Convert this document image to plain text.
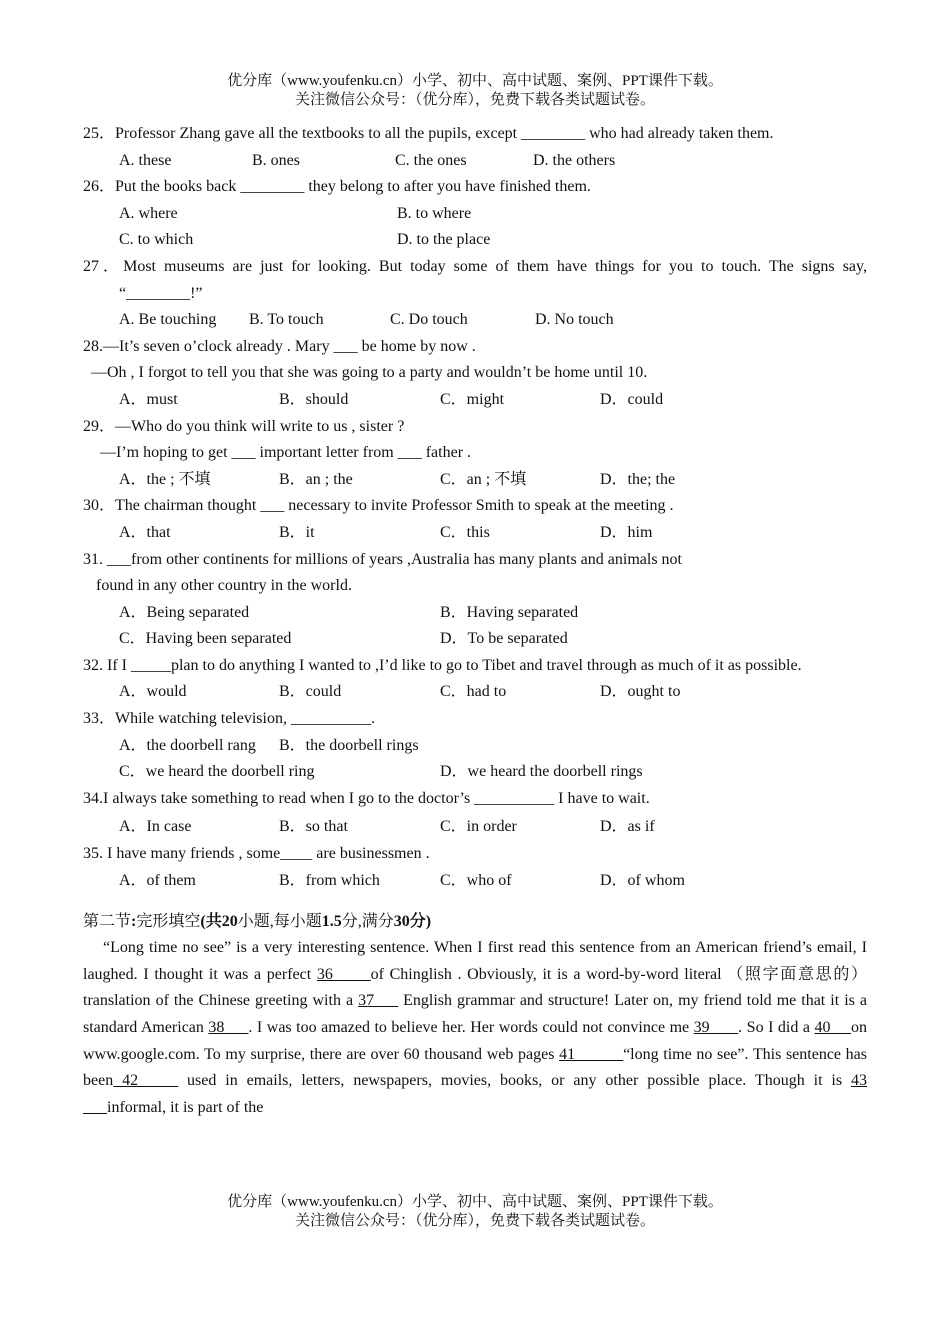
优分库（www.youfenku.cn）小学、初中、高中试题、案例、PPT课件下载。
关注微信公众号：（优分库），免费下载各类试题试卷。
25．Professor Zhang gave all the textbooks to all the pupils, except ________ who had already taken them.
A. these	B. ones	C. the ones	D. the others
26．Put the books back ________ they belong to after you have finished them.
A. where	B. to where
C. to which	D. to the place
27．Most museums are just for looking. But today some of them have things for you to touch. The signs say, “________!”
A. Be touching B. To touch	C. Do touch	D. No touch
28.—It’s seven o’clock already . Mary ___ be home by now .
—Oh , I forgot to tell you that she was going to a party and wouldn’t be home until 10.
A．must	B．should	C．might	D．could
29．—Who do you think will write to us , sister ?
—I’m hoping to get ___ important letter from ___ father .
A．the ; 不填	B．an ; the	C．an ; 不填	D．the; the
30．The chairman thought ___ necessary to invite Professor Smith to speak at the meeting .
A．that	B．it	C．this	D．him
31. ___from other continents for millions of years ,Australia has many plants and animals not
found in any other country in the world.
A．Being separated	B．Having separated
C．Having been separated	D．To be separated
32. If I _____plan to do anything I wanted to ,I’d like to go to Tibet and travel through as much of it as possible.
A．would	B．could	C．had to	D．ought to
33．While watching television, __________.
A．the doorbell rang B．the doorbell rings
C．we heard the doorbell ring	D．we heard the doorbell rings
34.I always take something to read when I go to the doctor’s __________ I have to wait.
A．In case	B．so that	C．in order	D．as if
35. I have many friends , some____ are businessmen .
A．of them	B．from which	C．who of	D．of whom
第二节:完形填空(共20小题,每小题1.5分,满分30分)
“Long time no see” is a very interesting sentence. When I first read this sentence from an American friend’s email, I laughed. I thought it was a perfect 36 ____of Chinglish . Obviously, it is a word-by-word literal （照字面意思的）translation of the Chinese greeting with a 37___ English grammar and structure! Later on, my friend told me that it is a standard American 38___. I was too amazed to believe her. Her words could not convince me 39 ___. So I did a 40 __on www.google.com. To my surprise, there are over 60 thousand web pages 41______“long time no see”. This sentence has been 42_____ used in emails, letters, newspapers, movies, books, or any other possible place. Though it is 43 ___informal, it is part of the
优分库（www.youfenku.cn）小学、初中、高中试题、案例、PPT课件下载。
关注微信公众号：（优分库），免费下载各类试题试卷。
